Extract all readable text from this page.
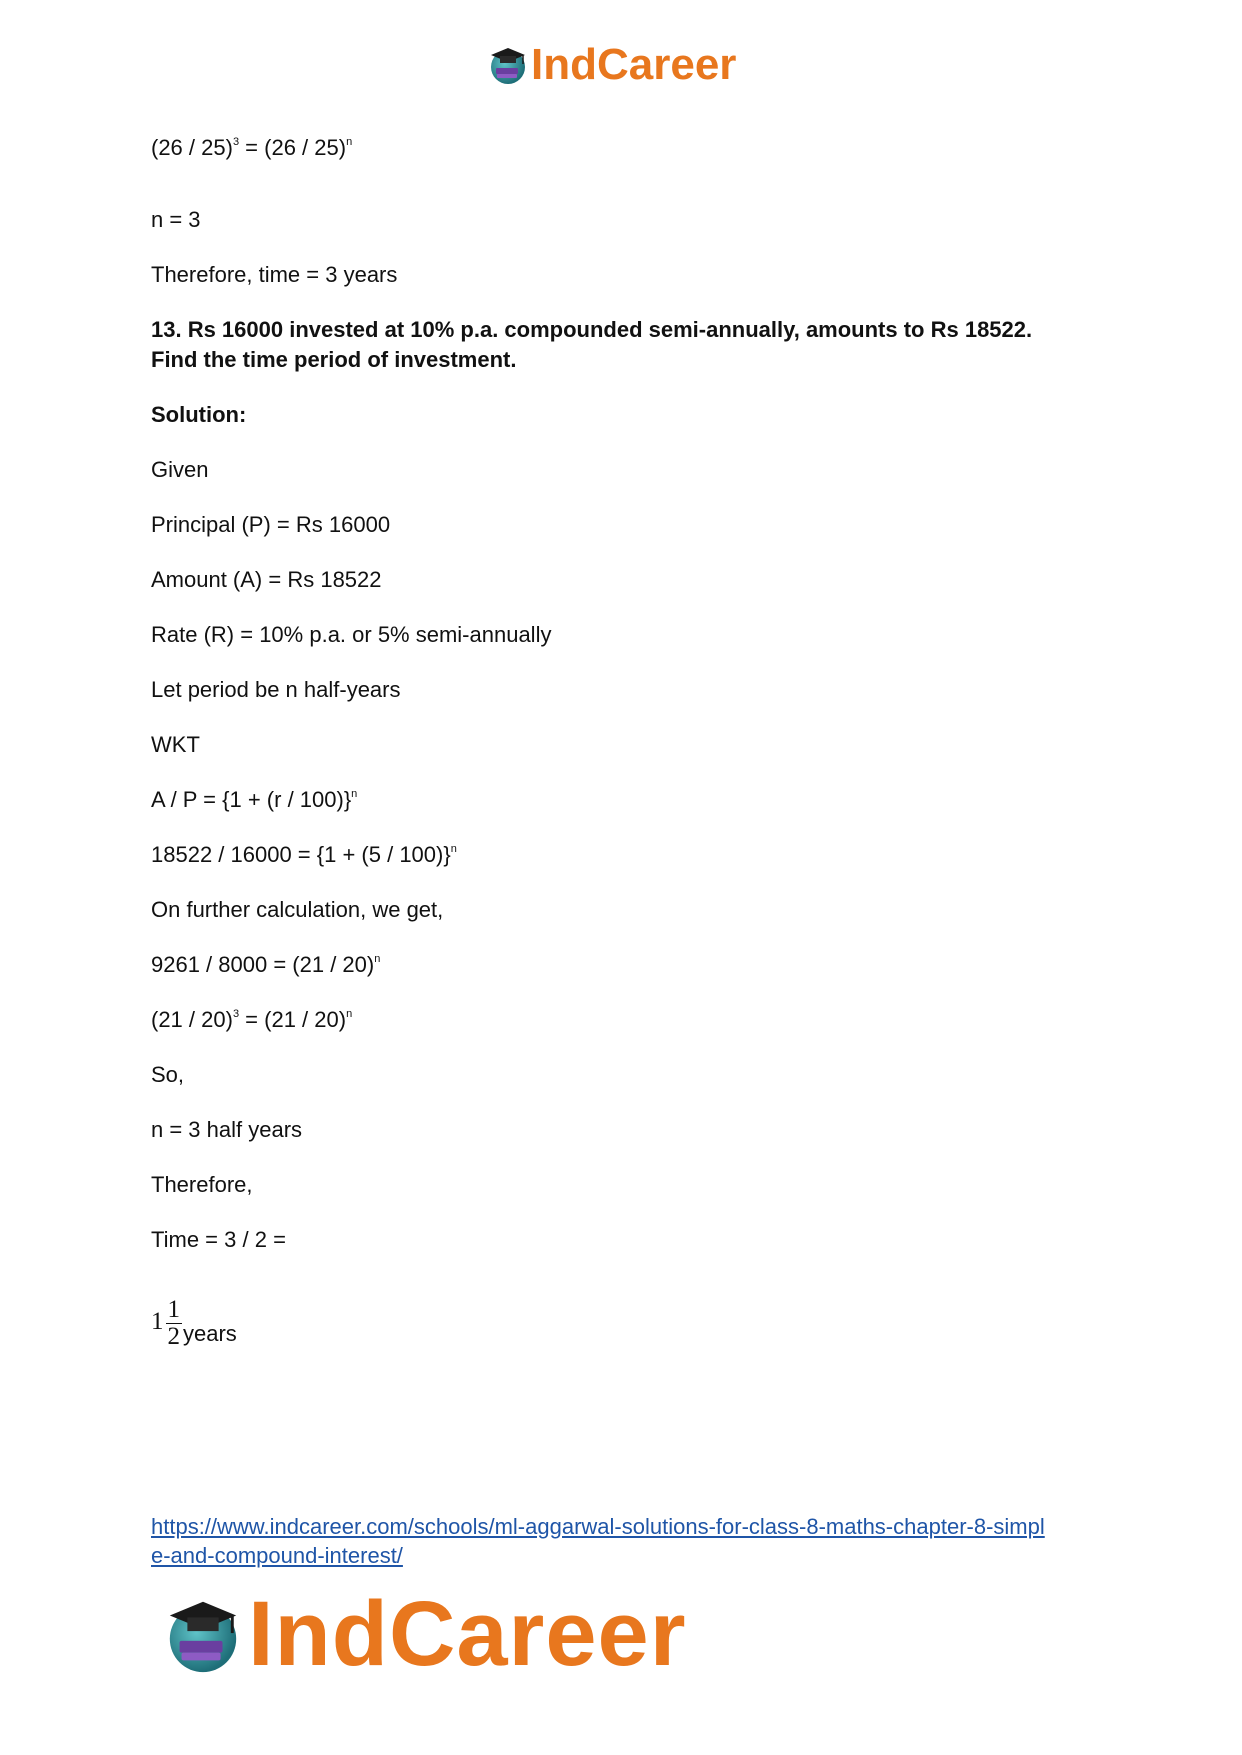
IndCareer
(26 / 25)$^3$ = (26 / 25)$^n$
n = 3
Therefore, time = 3 years
13. Rs 16000 invested at 10% p.a. compounded semi-annually, amounts to Rs 18522.
Find the time period of investment.
Solution:
Given
Principal (P) = Rs 16000
Amount (A) = Rs 18522
Rate (R) = 10% p.a. or 5% semi-annually
Let period be n half-years
WKT
$A / P = \{1 + (r / 100)\}^n$
$18522 / 16000 = \{1 + (5 / 100)\}^n$
On further calculation, we get,
9261 / 8000 = (21 / 20)$^n$
(21 / 20)$^3$ = (21 / 20)$^n$
So,
n = 3 half years
Therefore,
Time = 3 / 2 =
$1 \frac{1}{2}$ years
https://www.indcareer.com/schools/ml-aggarwal-solutions-for-class-8-maths-chapter-8-simpl
e-and-compound-interest/
IndCareer
